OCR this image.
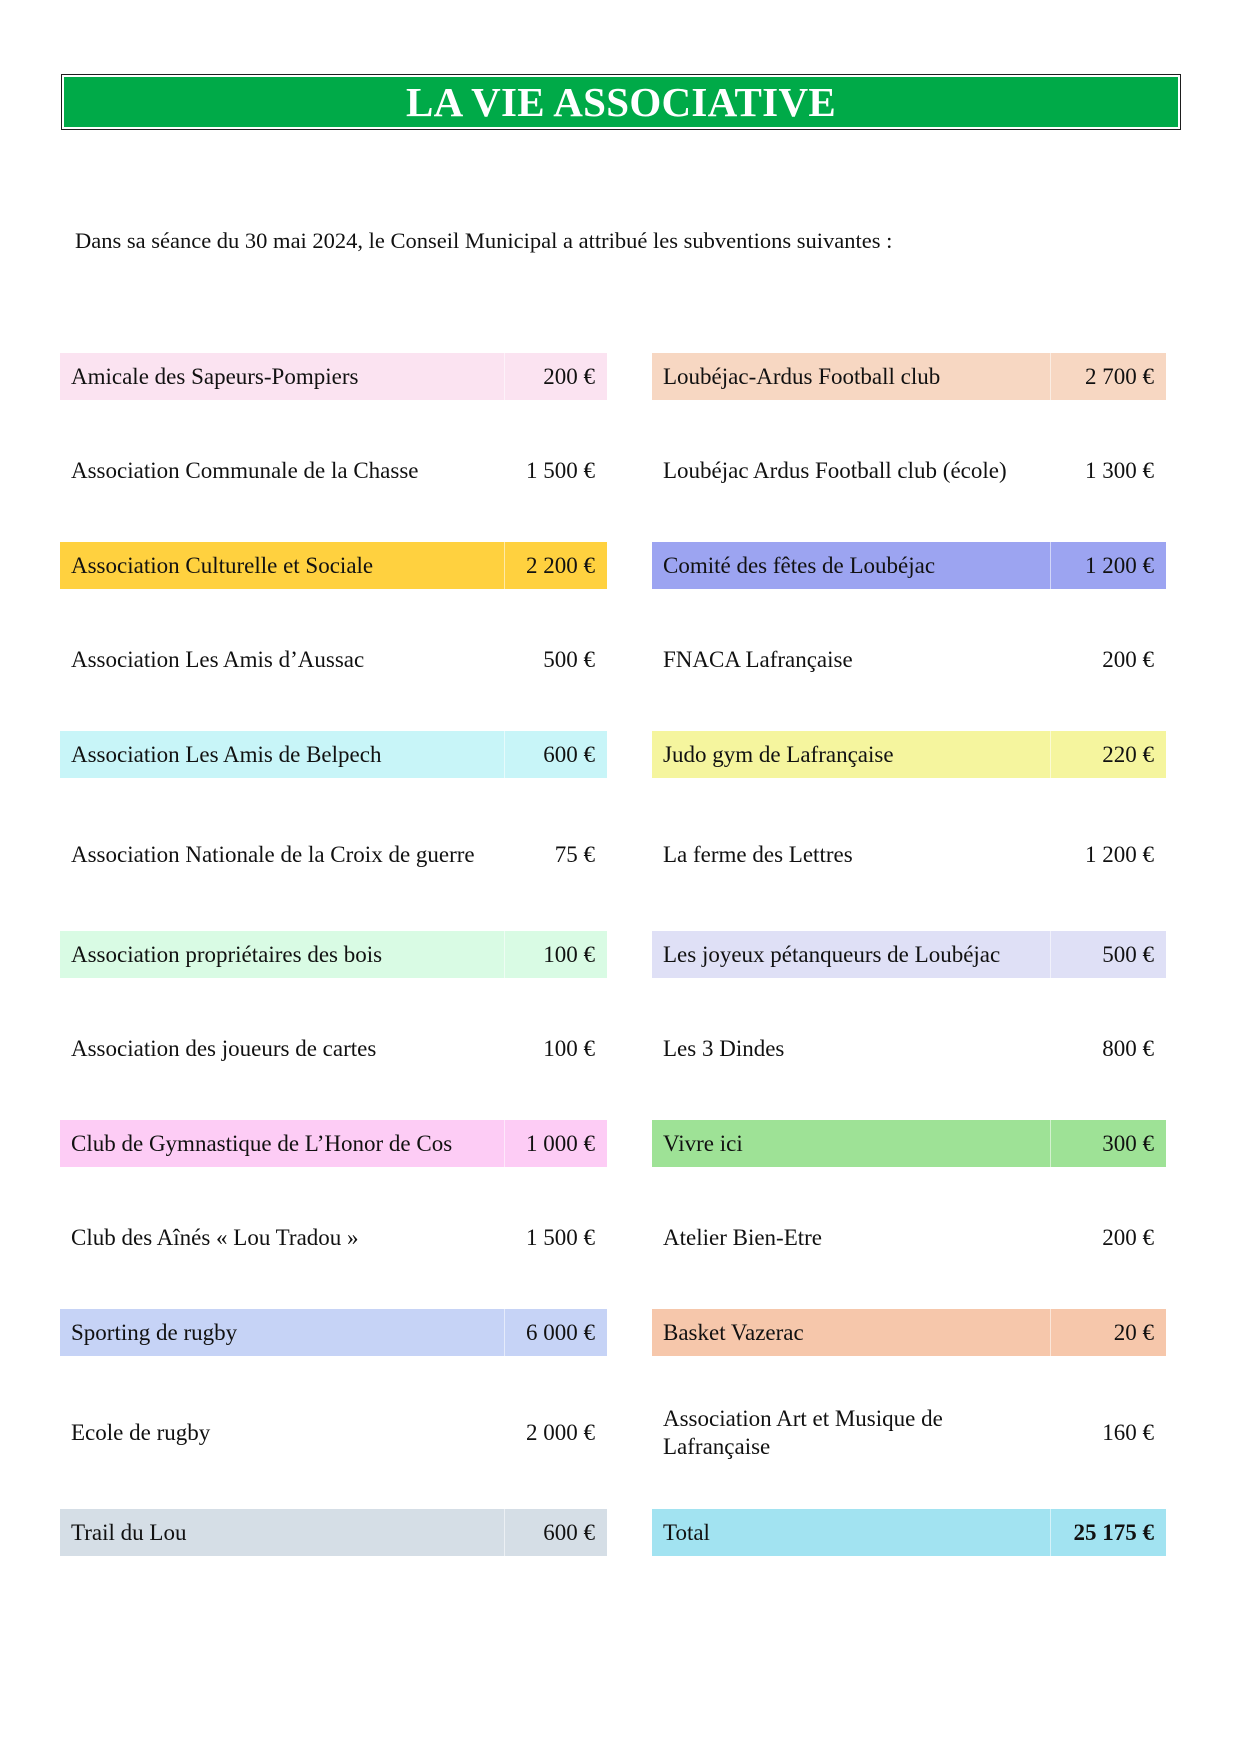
LA VIE ASSOCIATIVE

Dans sa séance du 30 mai 2024, le Conseil Municipal a attribué les subventions suivantes :

Amicale des Sapeurs-Pompiers	200 €
Association Communale de la Chasse	1 500 €
Association Culturelle et Sociale	2 200 €
Association Les Amis d’Aussac	500 €
Association Les Amis de Belpech	600 €
Association Nationale de la Croix de guerre	75 €
Association propriétaires des bois	100 €
Association des joueurs de cartes	100 €
Club de Gymnastique de L’Honor de Cos	1 000 €
Club des Aînés « Lou Tradou »	1 500 €
Sporting de rugby	6 000 €
Ecole de rugby	2 000 €
Trail du Lou	600 €
Loubéjac-Ardus Football club	2 700 €
Loubéjac Ardus Football club (école)	1 300 €
Comité des fêtes de Loubéjac	1 200 €
FNACA Lafrançaise	200 €
Judo gym de Lafrançaise	220 €
La ferme des Lettres	1 200 €
Les joyeux pétanqueurs de Loubéjac	500 €
Les 3 Dindes	800 €
Vivre ici	300 €
Atelier Bien-Etre	200 €
Basket Vazerac	20 €
Association Art et Musique de Lafrançaise
160 €
Total	25 175 €
